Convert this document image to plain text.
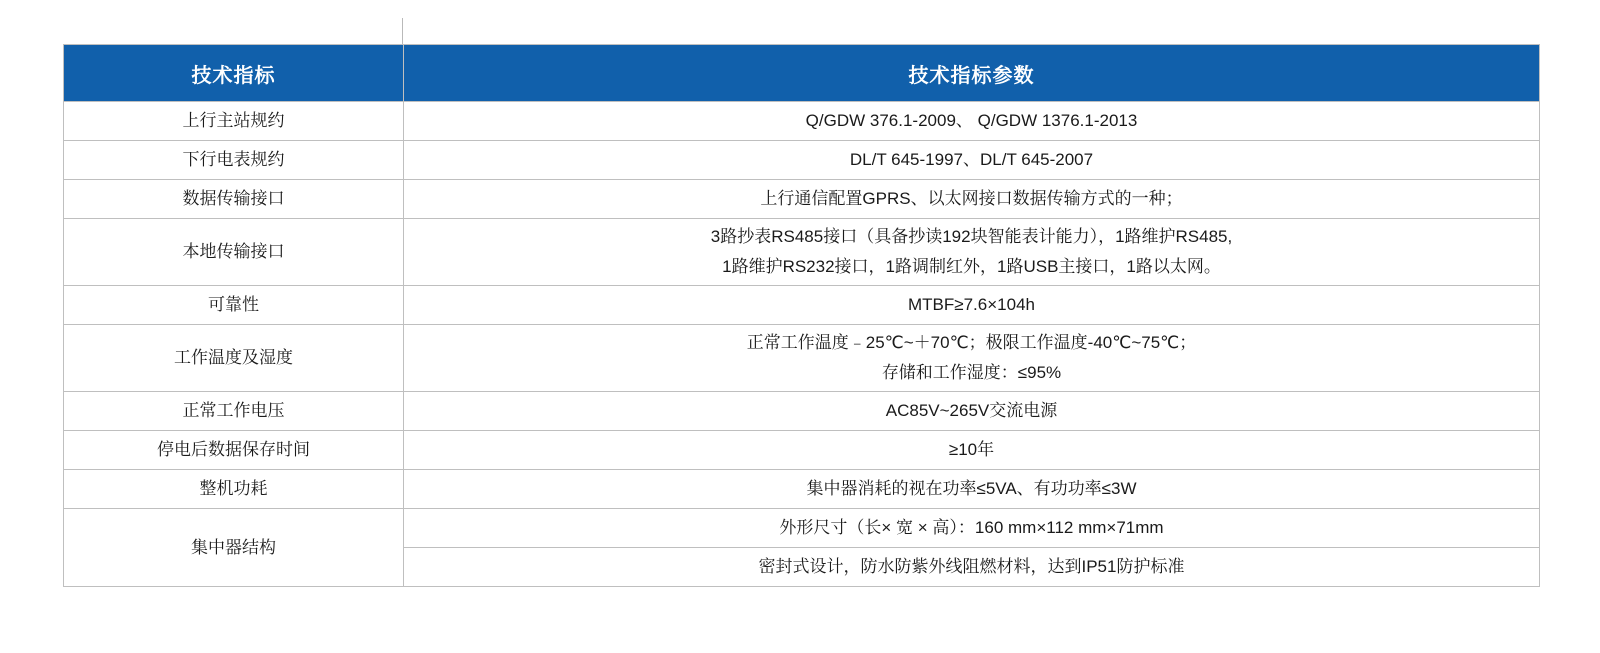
技术指标	技术指标参数
上行主站规约	Q/GDW 376.1-2009、 Q/GDW 1376.1-2013
下行电表规约	DL/T 645-1997、DL/T 645-2007
数据传输接口	上行通信配置GPRS、以太网接口数据传输方式的一种；
本地传输接口	3路抄表RS485接口（具备抄读192块智能表计能力），1路维护RS485,
1路维护RS232接口，1路调制红外，1路USB主接口，1路以太网。

可靠性	MTBF≥7.6×104h
工作温度及湿度	正常工作温度﹣25℃~＋70℃；极限工作温度-40℃~75℃；
存储和工作湿度：≤95%

正常工作电压	AC85V~265V交流电源
停电后数据保存时间	≥10年
整机功耗	集中器消耗的视在功率≤5VA、有功功率≤3W
集中器结构	外形尺寸（长× 宽 × 高）：160 mm×112 mm×71mm
	密封式设计，防水防紫外线阻燃材料，达到IP51防护标准
